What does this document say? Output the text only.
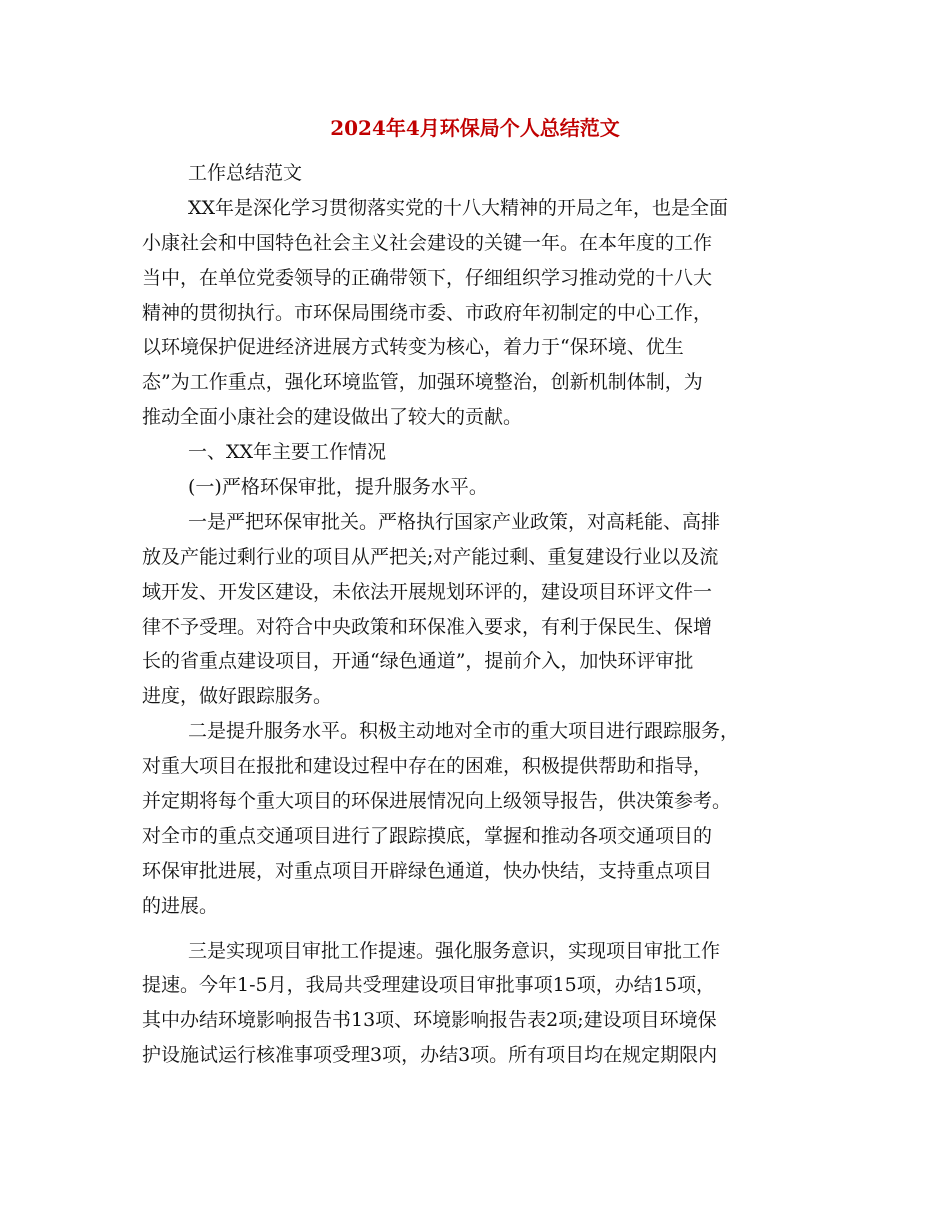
2024年4月环保局个人总结范文
工作总结范文
XX年是深化学习贯彻落实党的十八大精神的开局之年，也是全面
小康社会和中国特色社会主义社会建设的关键一年。在本年度的工作
当中，在单位党委领导的正确带领下，仔细组织学习推动党的十八大
精神的贯彻执行。市环保局围绕市委、市政府年初制定的中心工作，
以环境保护促进经济进展方式转变为核心，着力于“保环境、优生
态”为工作重点，强化环境监管，加强环境整治，创新机制体制，为
推动全面小康社会的建设做出了较大的贡献。
一、XX年主要工作情况
(一)严格环保审批，提升服务水平。
一是严把环保审批关。严格执行国家产业政策，对高耗能、高排
放及产能过剩行业的项目从严把关;对产能过剩、重复建设行业以及流
域开发、开发区建设，未依法开展规划环评的，建设项目环评文件一
律不予受理。对符合中央政策和环保准入要求，有利于保民生、保增
长的省重点建设项目，开通“绿色通道”，提前介入，加快环评审批
进度，做好跟踪服务。
二是提升服务水平。积极主动地对全市的重大项目进行跟踪服务，
对重大项目在报批和建设过程中存在的困难，积极提供帮助和指导，
并定期将每个重大项目的环保进展情况向上级领导报告，供决策参考。
对全市的重点交通项目进行了跟踪摸底，掌握和推动各项交通项目的
环保审批进展，对重点项目开辟绿色通道，快办快结，支持重点项目
的进展。
三是实现项目审批工作提速。强化服务意识，实现项目审批工作
提速。今年1-5月，我局共受理建设项目审批事项15项，办结15项，
其中办结环境影响报告书13项、环境影响报告表2项;建设项目环境保
护设施试运行核准事项受理3项，办结3项。所有项目均在规定期限内
